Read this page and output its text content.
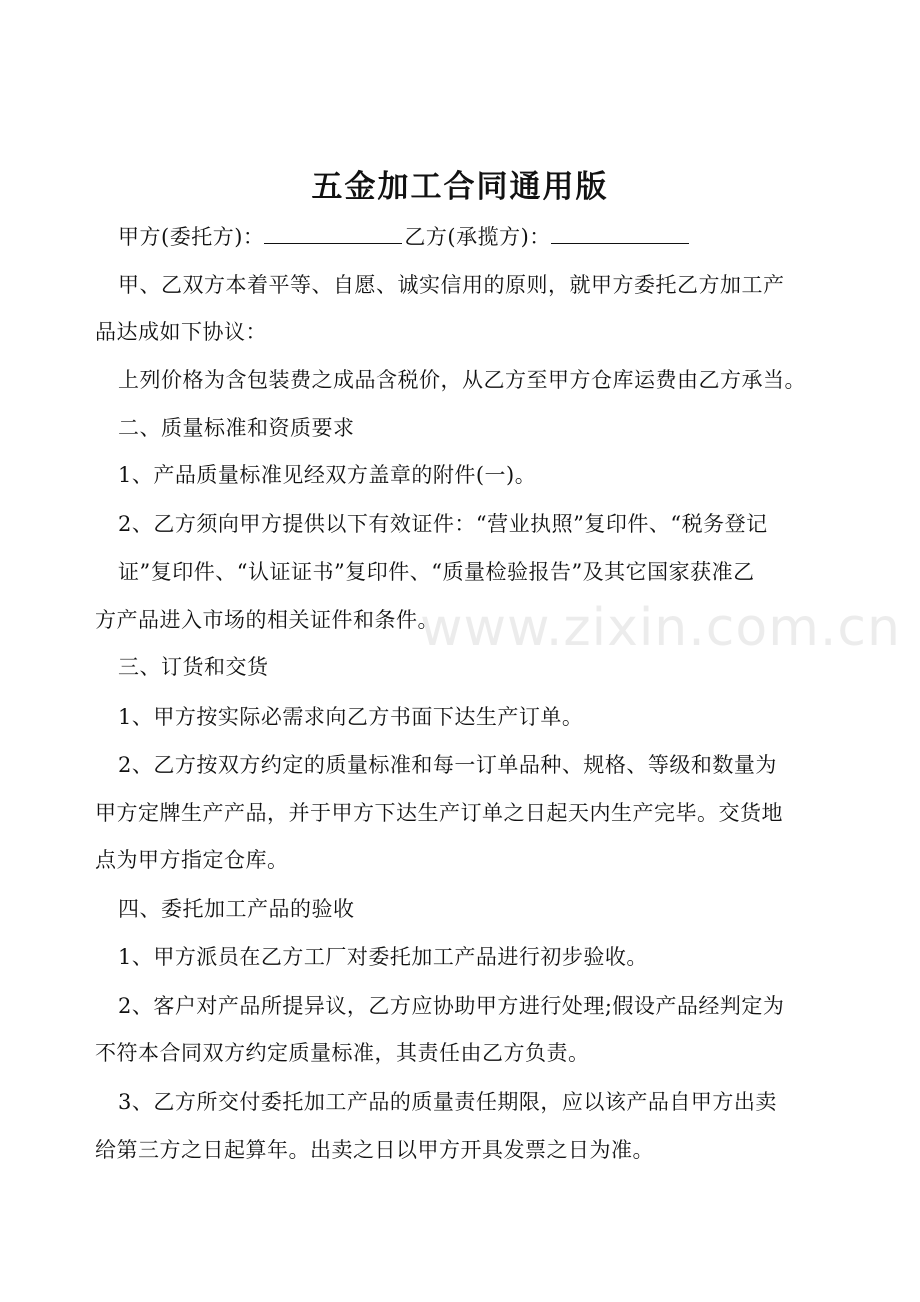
五金加工合同通用版
甲方(委托方)：	乙方(承揽方)：
甲、乙双方本着平等、自愿、诚实信用的原则，就甲方委托乙方加工产
品达成如下协议：
上列价格为含包装费之成品含税价，从乙方至甲方仓库运费由乙方承当。
二、质量标准和资质要求
1、产品质量标准见经双方盖章的附件(一)。
2、乙方须向甲方提供以下有效证件：“营业执照”复印件、“税务登记
证”复印件、“认证证书”复印件、“质量检验报告”及其它国家获准乙
方产品进入市场的相关证件和条件。
三、订货和交货
1、甲方按实际必需求向乙方书面下达生产订单。
2、乙方按双方约定的质量标准和每一订单品种、规格、等级和数量为
甲方定牌生产产品，并于甲方下达生产订单之日起天内生产完毕。交货地
点为甲方指定仓库。
四、委托加工产品的验收
1、甲方派员在乙方工厂对委托加工产品进行初步验收。
2、客户对产品所提异议，乙方应协助甲方进行处理;假设产品经判定为
不符本合同双方约定质量标准，其责任由乙方负责。
3、乙方所交付委托加工产品的质量责任期限，应以该产品自甲方出卖
给第三方之日起算年。出卖之日以甲方开具发票之日为准。
www.zixin.com.cn
